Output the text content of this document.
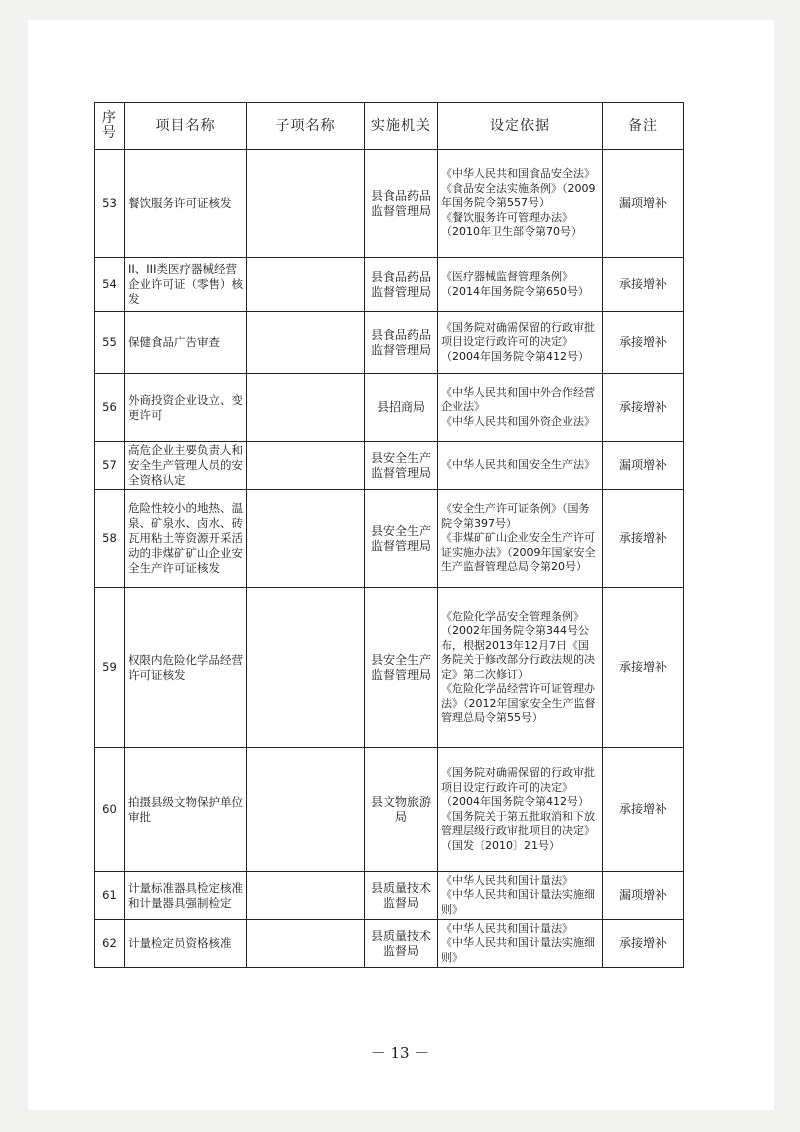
序号	项目名称	子项名称	实施机关	设定依据	备注
53	餐饮服务许可证核发		县食品药品监督管理局	《中华人民共和国食品安全法》
《食品安全法实施条例》（2009年国务院令第557号）
《餐饮服务许可管理办法》（2010年卫生部令第70号）	漏项增补
54	II、III类医疗器械经营企业许可证（零售）核发		县食品药品监督管理局	《医疗器械监督管理条例》（2014年国务院令第650号）	承接增补
55	保健食品广告审查		县食品药品监督管理局	《国务院对确需保留的行政审批项目设定行政许可的决定》（2004年国务院令第412号）	承接增补
56	外商投资企业设立、变更许可		县招商局	《中华人民共和国中外合作经营企业法》
《中华人民共和国外资企业法》	承接增补
57	高危企业主要负责人和安全生产管理人员的安全资格认定		县安全生产监督管理局	《中华人民共和国安全生产法》	漏项增补
58	危险性较小的地热、温泉、矿泉水、卤水、砖瓦用粘土等资源开采活动的非煤矿矿山企业安全生产许可证核发		县安全生产监督管理局	《安全生产许可证条例》（国务院令第397号）
《非煤矿矿山企业安全生产许可证实施办法》（2009年国家安全生产监督管理总局令第20号）	承接增补
59	权限内危险化学品经营许可证核发		县安全生产监督管理局	《危险化学品安全管理条例》（2002年国务院令第344号公布，根据2013年12月7日《国务院关于修改部分行政法规的决定》第二次修订）
《危险化学品经营许可证管理办法》（2012年国家安全生产监督管理总局令第55号）	承接增补
60	拍摄县级文物保护单位审批		县文物旅游局	《国务院对确需保留的行政审批项目设定行政许可的决定》（2004年国务院令第412号）
《国务院关于第五批取消和下放管理层级行政审批项目的决定》（国发〔2010〕21号）	承接增补
61	计量标准器具检定核准和计量器具强制检定		县质量技术监督局	《中华人民共和国计量法》
《中华人民共和国计量法实施细则》	漏项增补
62	计量检定员资格核准		县质量技术监督局	《中华人民共和国计量法》
《中华人民共和国计量法实施细则》	承接增补
－ 13 －
